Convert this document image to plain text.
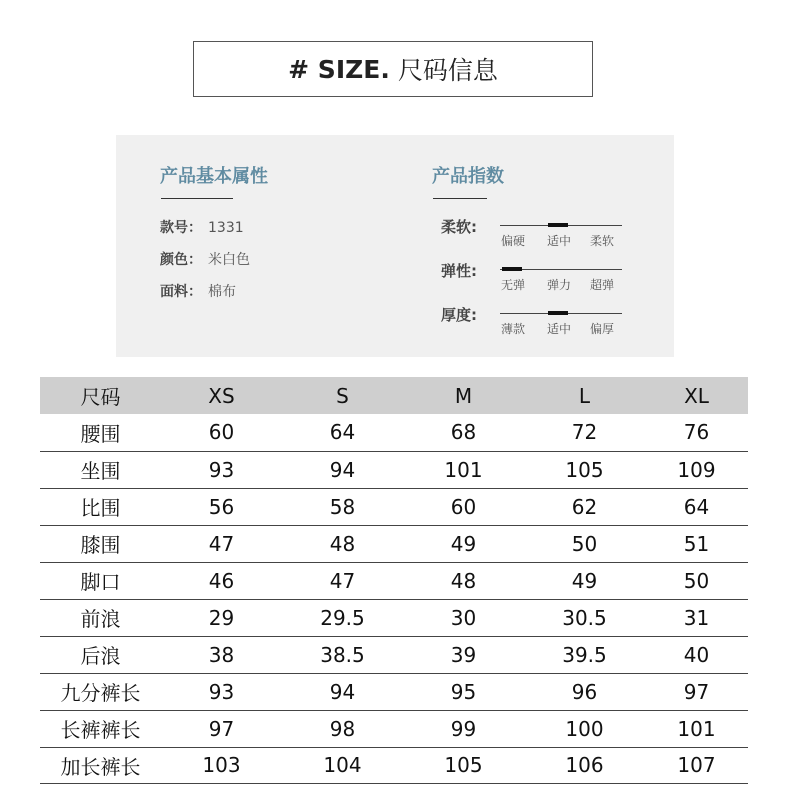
# SIZE. 尺码信息
产品基本属性
款号： 1331
颜色： 米白色
面料： 棉布
产品指数
柔软:
偏硬 适中 柔软
弹性:
无弹 弹力 超弹
厚度:
薄款 适中 偏厚
尺码	XS	S	M	L	XL
腰围	60	64	68	72	76
坐围	93	94	101	105	109
比围	56	58	60	62	64
膝围	47	48	49	50	51
脚口	46	47	48	49	50
前浪	29	29.5	30	30.5	31
后浪	38	38.5	39	39.5	40
九分裤长	93	94	95	96	97
长裤裤长	97	98	99	100	101
加长裤长	103	104	105	106	107
